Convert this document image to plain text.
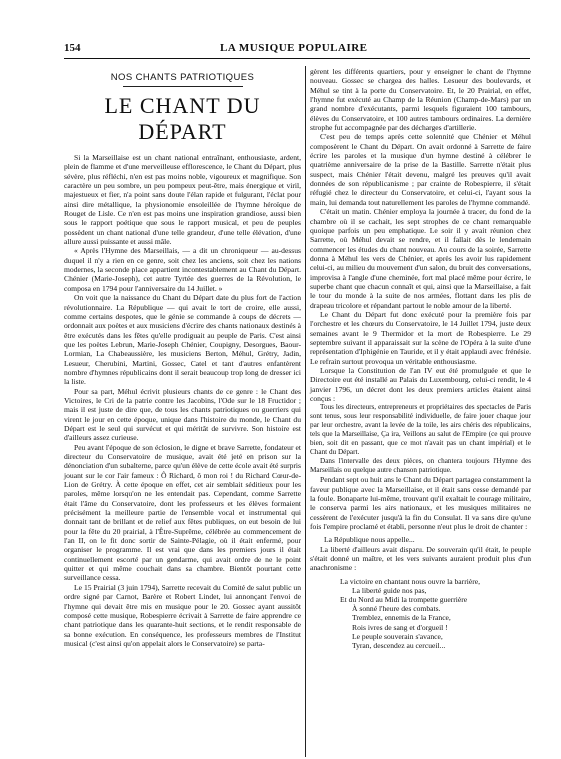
154	LA MUSIQUE POPULAIRE
NOS CHANTS PATRIOTIQUES
LE CHANT DU DÉPART

Si la Marseillaise est un chant national entraînant, enthousiaste, ardent, plein de flamme et d'une merveilleuse efflorescence, le Chant du Départ, plus sévère, plus réfléchi, n'en est pas moins noble, vigoureux et magnifique. Son caractère un peu sombre, un peu pompeux peut-être, mais énergique et viril, majestueux et fier, n'a point sans doute l'élan rapide et fulgurant, l'éclat pour ainsi dire métallique, la physionomie ensoleillée de l'hymne héroïque de Rouget de Lisle. Ce n'en est pas moins une inspiration grandiose, aussi bien sous le rapport poétique que sous le rapport musical, et peu de peuples possèdent un chant national d'une telle grandeur, d'une telle élévation, d'une allure aussi puissante et aussi mâle.

« Après l'Hymne des Marseillais, — a dit un chroniqueur — au-dessus duquel il n'y a rien en ce genre, soit chez les anciens, soit chez les nations modernes, la seconde place appartient incontestablement au Chant du Départ. Chénier (Marie-Joseph), cet autre Tyrtée des guerres de la Révolution, le composa en 1794 pour l'anniversaire du 14 Juillet. »

On voit que la naissance du Chant du Départ date du plus fort de l'action révolutionnaire. La République — qui avait le tort de croire, elle aussi, comme certains despotes, que le génie se commande à coups de décrets — ordonnait aux poètes et aux musiciens d'écrire des chants nationaux destinés à être exécutés dans les fêtes qu'elle prodiguait au peuple de Paris. C'est ainsi que les poètes Lebrun, Marie-Joseph Chénier, Coupigny, Desorgues, Baour-Lormian, La Chabeaussière, les musiciens Berton, Méhul, Grétry, Jadin, Lesueur, Cherubini, Martini, Gossec, Catel et tant d'autres enfantèrent nombre d'hymnes républicains dont il serait beaucoup trop long de dresser ici la liste.

Pour sa part, Méhul écrivit plusieurs chants de ce genre : le Chant des Victoires, le Cri de la patrie contre les Jacobins, l'Ode sur le 18 Fructidor ; mais il est juste de dire que, de tous les chants patriotiques ou guerriers qui virent le jour en cette époque, unique dans l'histoire du monde, le Chant du Départ est le seul qui survécut et qui méritât de survivre. Son histoire est d'ailleurs assez curieuse.

Peu avant l'époque de son éclosion, le digne et brave Sarrette, fondateur et directeur du Conservatoire de musique, avait été jeté en prison sur la dénonciation d'un subalterne, parce qu'un élève de cette école avait été surpris jouant sur le cor l'air fameux : Ô Richard, ô mon roi ! du Richard Cœur-de-Lion de Grétry. À cette époque en effet, cet air semblait séditieux pour les paroles, même lorsqu'on ne les entendait pas. Cependant, comme Sarrette était l'âme du Conservatoire, dont les professeurs et les élèves formaient précisément la meilleure partie de l'ensemble vocal et instrumental qui donnait tant de brillant et de relief aux fêtes publiques, on eut besoin de lui pour la fête du 20 prairial, à l'Être-Suprême, célébrée au commencement de l'an II, on le fit donc sortir de Sainte-Pélagie, où il était enfermé, pour organiser le programme. Il est vrai que dans les premiers jours il était continuellement escorté par un gendarme, qui avait ordre de ne le point quitter et qui même couchait dans sa chambre. Bientôt pourtant cette surveillance cessa.

Le 15 Prairial (3 juin 1794), Sarrette recevait du Comité de salut public un ordre signé par Carnot, Barère et Robert Lindet, lui annonçant l'envoi de l'hymne qui devait être mis en musique pour le 20. Gossec ayant aussitôt composé cette musique, Robespierre écrivait à Sarrette de faire apprendre ce chant patriotique dans les quarante-huit sections, et le rendit responsable de sa bonne exécution. En conséquence, les professeurs membres de l'Institut musical (c'est ainsi qu'on appelait alors le Conservatoire) se parta-

gèrent les différents quartiers, pour y enseigner le chant de l'hymne nouveau. Gossec se chargea des halles. Lesueur des boulevards, et Méhul se tint à la porte du Conservatoire. Et, le 20 Prairial, en effet, l'hymne fut exécuté au Champ de la Réunion (Champ-de-Mars) par un grand nombre d'exécutants, parmi lesquels figuraient 100 tambours, élèves du Conservatoire, et 100 autres tambours ordinaires. La dernière strophe fut accompagnée par des décharges d'artillerie.

C'est peu de temps après cette solennité que Chénier et Méhul composèrent le Chant du Départ. On avait ordonné à Sarrette de faire écrire les paroles et la musique d'un hymne destiné à célébrer le quatrième anniversaire de la prise de la Bastille. Sarrette n'était plus suspect, mais Chénier l'était devenu, malgré les preuves qu'il avait données de son républicanisme ; par crainte de Robespierre, il s'était réfugié chez le directeur du Conservatoire, et celui-ci, l'ayant sous la main, lui demanda tout naturellement les paroles de l'hymne commandé.

C'était un matin. Chénier employa la journée à tracer, du fond de la chambre où il se cachait, les sept strophes de ce chant remarquable quoique parfois un peu emphatique. Le soir il y avait réunion chez Sarrette, où Méhul devait se rendre, et il fallait dès le lendemain commencer les études du chant nouveau. Au cours de la soirée, Sarrette donna à Méhul les vers de Chénier, et après les avoir lus rapidement celui-ci, au milieu du mouvement d'un salon, du bruit des conversations, improvisa à l'angle d'une cheminée, fort mal placé même pour écrire, le superbe chant que chacun connaît et qui, ainsi que la Marseillaise, a fait le tour du monde à la suite de nos armées, flottant dans les plis de drapeau tricolore et répandant partout le noble amour de la liberté.

Le Chant du Départ fut donc exécuté pour la première fois par l'orchestre et les chœurs du Conservatoire, le 14 Juillet 1794, juste deux semaines avant le 9 Thermidor et la mort de Robespierre. Le 29 septembre suivant il apparaissait sur la scène de l'Opéra à la suite d'une représentation d'Iphigénie en Tauride, et il y était applaudi avec frénésie. Le refrain surtout provoqua un véritable enthousiasme.

Lorsque la Constitution de l'an IV eut été promulguée et que le Directoire eut été installé au Palais du Luxembourg, celui-ci rendit, le 4 janvier 1796, un décret dont les deux premiers articles étaient ainsi conçus :

Tous les directeurs, entrepreneurs et propriétaires des spectacles de Paris sont tenus, sous leur responsabilité individuelle, de faire jouer chaque jour par leur orchestre, avant la levée de la toile, les airs chéris des républicains, tels que la Marseillaise, Ça ira, Veillons au salut de l'Empire (ce qui prouve bien, soit dit en passant, que ce mot n'avait pas un chant impérial) et le Chant du Départ.

Dans l'intervalle des deux pièces, on chantera toujours l'Hymne des Marseillais ou quelque autre chanson patriotique.

Pendant sept ou huit ans le Chant du Départ partagea constamment la faveur publique avec la Marseillaise, et il était sans cesse demandé par la foule. Bonaparte lui-même, trouvant qu'il exaltait le courage militaire, le conserva parmi les airs nationaux, et les musiques militaires ne cessèrent de l'exécuter jusqu'à la fin du Consulat. Il va sans dire qu'une fois l'empire proclamé et établi, personne n'eut plus le droit de chanter :

La République nous appelle...

La liberté d'ailleurs avait disparu. De souverain qu'il était, le peuple s'était donné un maître, et les vers suivants auraient produit plus d'un anachronisme :

La victoire en chantant nous ouvre la barrière,
La liberté guide nos pas,
Et du Nord au Midi la trompette guerrière
À sonné l'heure des combats.
Tremblez, ennemis de la France,
Rois ivres de sang et d'orgueil !
Le peuple souverain s'avance,
Tyran, descendez au cercueil...
